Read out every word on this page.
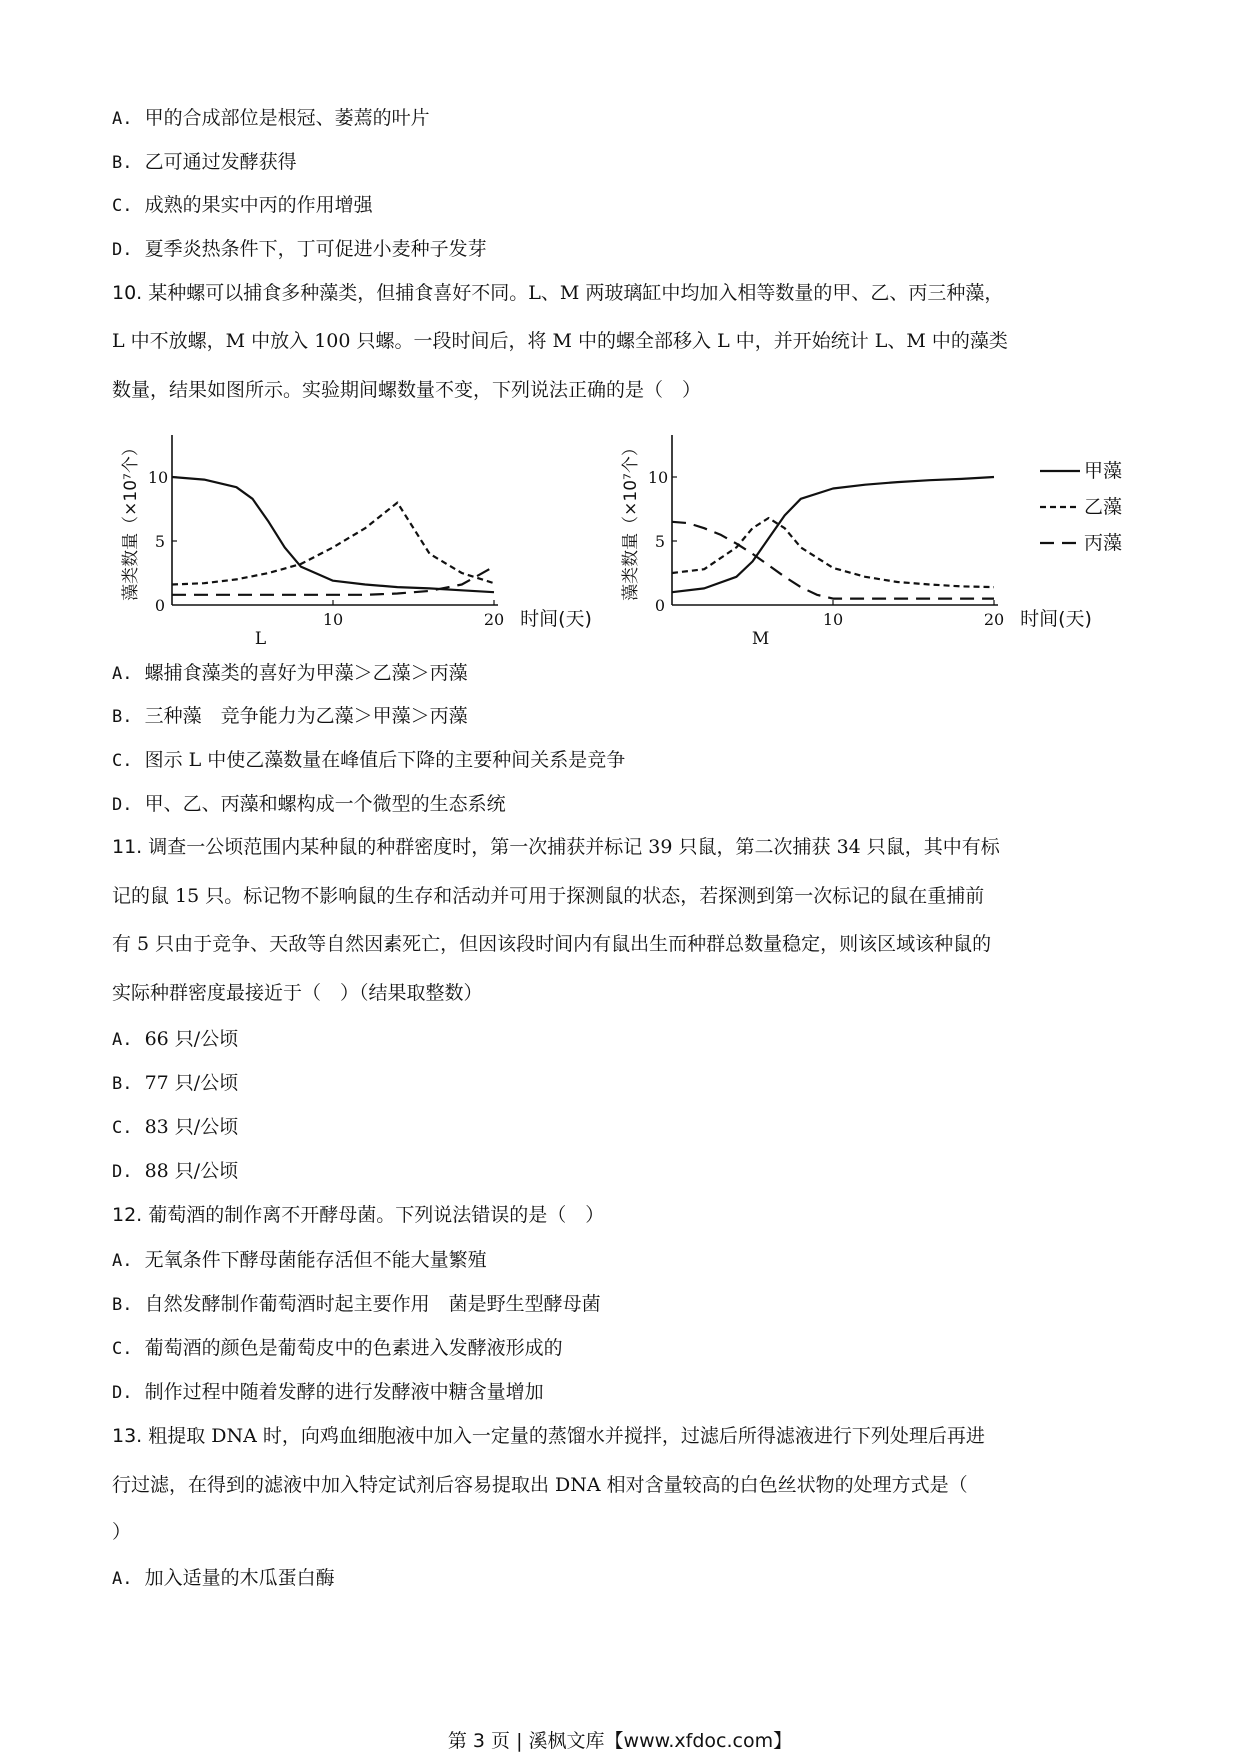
A. 甲的合成部位是根冠、萎蔫的叶片
B. 乙可通过发酵获得
C. 成熟的果实中丙的作用增强
D. 夏季炎热条件下，丁可促进小麦种子发芽
10. 某种螺可以捕食多种藻类，但捕食喜好不同。L、M 两玻璃缸中均加入相等数量的甲、乙、丙三种藻，
L 中不放螺，M 中放入 100 只螺。一段时间后，将 M 中的螺全部移入 L 中，并开始统计 L、M 中的藻类
数量，结果如图所示。实验期间螺数量不变，下列说法正确的是（　）
10	20
0
5
10
时间(天)
藻类数量（×10⁷个）
L
10	20
0
5
10
时间(天)
藻类数量（×10⁷个）
M
甲藻
乙藻
丙藻
A. 螺捕食藻类的喜好为甲藻＞乙藻＞丙藻
B. 三种藻　竞争能力为乙藻＞甲藻＞丙藻
C. 图示 L 中使乙藻数量在峰值后下降的主要种间关系是竞争
D. 甲、乙、丙藻和螺构成一个微型的生态系统
11. 调查一公顷范围内某种鼠的种群密度时，第一次捕获并标记 39 只鼠，第二次捕获 34 只鼠，其中有标
记的鼠 15 只。标记物不影响鼠的生存和活动并可用于探测鼠的状态，若探测到第一次标记的鼠在重捕前
有 5 只由于竞争、天敌等自然因素死亡，但因该段时间内有鼠出生而种群总数量稳定，则该区域该种鼠的
实际种群密度最接近于（　）（结果取整数）
A. 66 只/公顷
B. 77 只/公顷
C. 83 只/公顷
D. 88 只/公顷
12. 葡萄酒的制作离不开酵母菌。下列说法错误的是（　）
A. 无氧条件下酵母菌能存活但不能大量繁殖
B. 自然发酵制作葡萄酒时起主要作用　菌是野生型酵母菌
C. 葡萄酒的颜色是葡萄皮中的色素进入发酵液形成的
D. 制作过程中随着发酵的进行发酵液中糖含量增加
13. 粗提取 DNA 时，向鸡血细胞液中加入一定量的蒸馏水并搅拌，过滤后所得滤液进行下列处理后再进
行过滤，在得到的滤液中加入特定试剂后容易提取出 DNA 相对含量较高的白色丝状物的处理方式是（
）
A. 加入适量的木瓜蛋白酶
第 3 页 | 溪枫文库【www.xfdoc.com】
